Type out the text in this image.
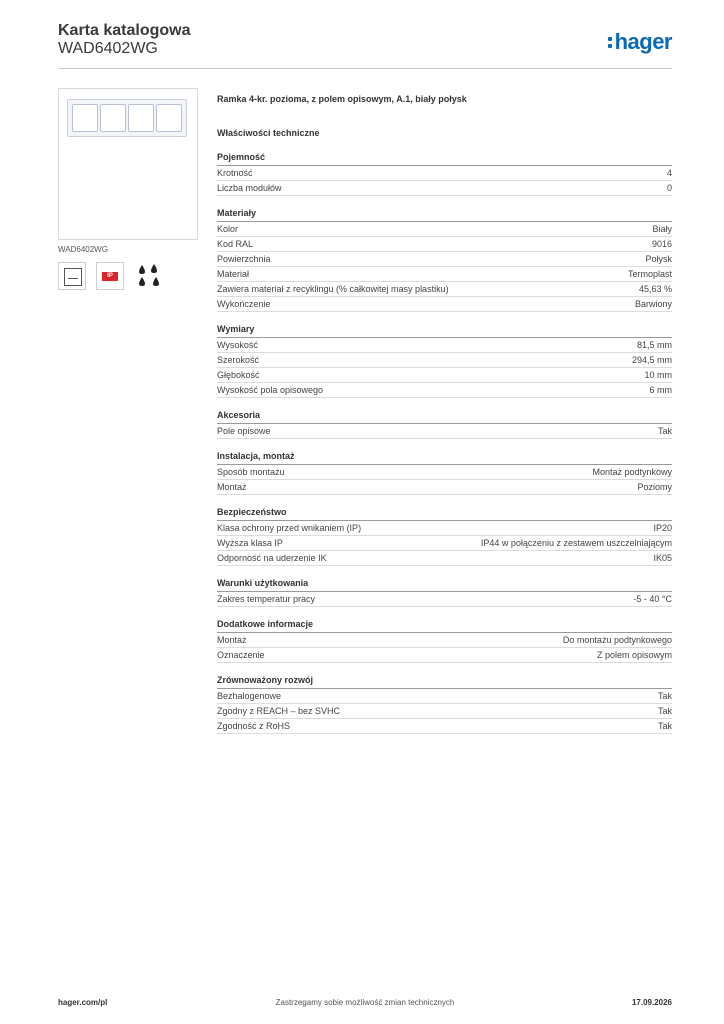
Karta katalogowa
WAD6402WG	hager
WAD6402WG
IP
Ramka 4-kr. pozioma, z polem opisowym, A.1, biały połysk
Właściwości techniczne
Pojemność
Krotność	4
Liczba modułów	0
Materiały
Kolor	Biały
Kod RAL	9016
Powierzchnia	Połysk
Materiał	Termoplast
Zawiera materiał z recyklingu (% całkowitej masy plastiku)	45,63 %
Wykończenie	Barwiony
Wymiary
Wysokość	81,5 mm
Szerokość	294,5 mm
Głębokość	10 mm
Wysokość pola opisowego	6 mm
Akcesoria
Pole opisowe	Tak
Instalacja, montaż
Sposób montażu	Montaż podtynkowy
Montaż	Poziomy
Bezpieczeństwo
Klasa ochrony przed wnikaniem (IP)	IP20
Wyższa klasa IP	IP44 w połączeniu z zestawem uszczelniającym
Odporność na uderzenie IK	IK05
Warunki użytkowania
Zakres temperatur pracy	-5 - 40 °C
Dodatkowe informacje
Montaż	Do montażu podtynkowego
Oznaczenie	Z polem opisowym
Zrównoważony rozwój
Bezhalogenowe	Tak
Zgodny z REACH – bez SVHC	Tak
Zgodność z RoHS	Tak
hager.com/pl	Zastrzegamy sobie możliwość zmian technicznych	17.09.2026
